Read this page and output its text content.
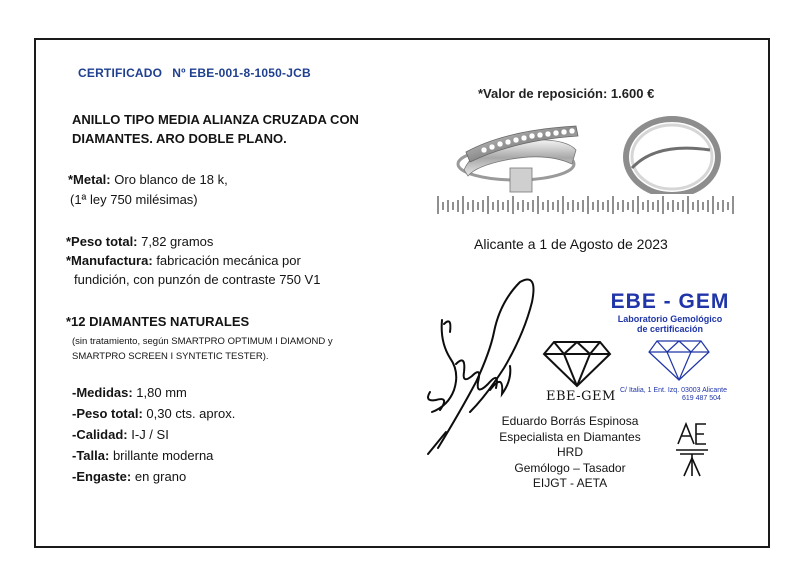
CERTIFICADO Nº EBE-001-8-1050-JCB
ANILLO TIPO MEDIA ALIANZA CRUZADA CON
DIAMANTES. ARO DOBLE PLANO.
*Metal: Oro blanco de 18 k,
(1ª ley 750 milésimas)
*Peso total: 7,82 gramos
*Manufactura: fabricación mecánica por
fundición, con punzón de contraste 750 V1
*12 DIAMANTES NATURALES
(sin tratamiento, según SMARTPRO OPTIMUM I DIAMOND y
SMARTPRO SCREEN I SYNTETIC TESTER).
-Medidas: 1,80 mm
-Peso total: 0,30 cts. aprox.
-Calidad: I-J / SI
-Talla: brillante moderna
-Engaste: en grano
*Valor de reposición: 1.600 €
Alicante a 1 de Agosto de 2023
EBE-GEM
EBE - GEM
Laboratorio Gemológico
de certificación
C/ Italia, 1 Ent. Izq. 03003 Alicante
619 487 504
Eduardo Borrás Espinosa
Especialista en Diamantes HRD
Gemólogo – Tasador
EIJGT - AETA
